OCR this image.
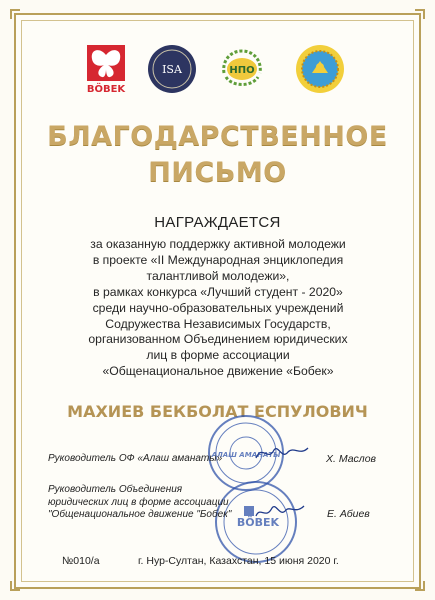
BÖBEK
ISA	НПО
БЛАГОДАРСТВЕННОЕ
ПИСЬМО
НАГРАЖДАЕТСЯ
за оказанную поддержку активной молодежи
в проекте «II Международная энциклопедия
талантливой молодежи»,
в рамках конкурса «Лучший студент - 2020»
среди научно-образовательных учреждений
Содружества Независимых Государств,
организованном Объединением юридических
лиц в форме ассоциации
«Общенациональное движение «Бобек»
МАХИЕВ БЕКБОЛАТ ЕСПУЛОВИЧ
АЛАШ АМАНАТЫ
BÖBEK
Руководитель ОФ «Алаш аманаты»	Х. Маслов
Руководитель Объединения
юридических лиц в форме ассоциации
"Общенациональное движение "Бобек"	Е. Абиев
№010/а	г. Нур-Султан, Казахстан, 15 июня 2020 г.
